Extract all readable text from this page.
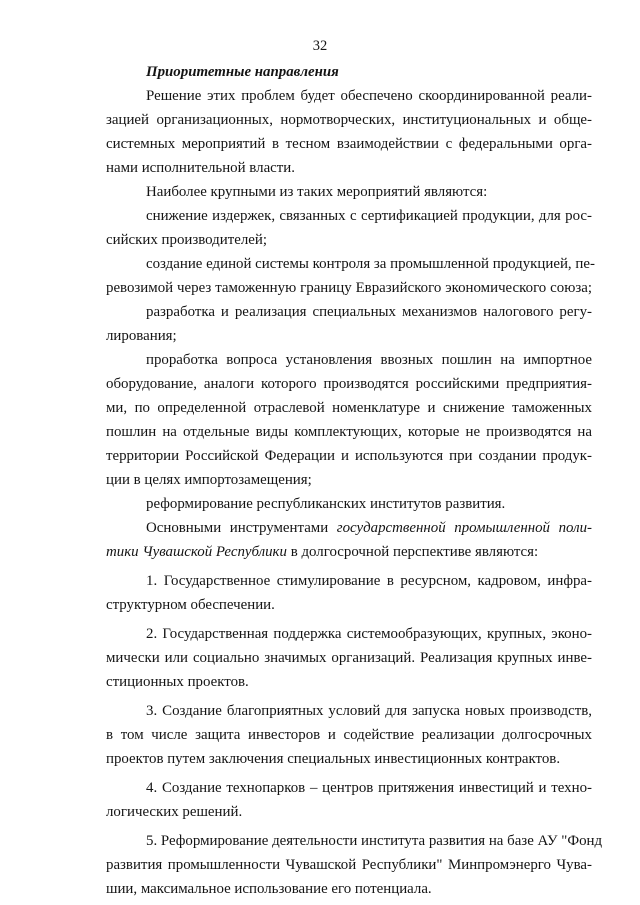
32
Приоритетные направления
Решение этих проблем будет обеспечено скоординированной реали-
зацией организационных, нормотворческих, институциональных и обще-
системных мероприятий в тесном взаимодействии с федеральными орга-
нами исполнительной власти.
Наиболее крупными из таких мероприятий являются:
снижение издержек, связанных с сертификацией продукции, для рос-
сийских производителей;
создание единой системы контроля за промышленной продукцией, пе-
ревозимой через таможенную границу Евразийского экономического союза;
разработка и реализация специальных механизмов налогового регу-
лирования;
проработка вопроса установления ввозных пошлин на импортное
оборудование, аналоги которого производятся российскими предприятия-
ми, по определенной отраслевой номенклатуре и снижение таможенных
пошлин на отдельные виды комплектующих, которые не производятся на
территории Российской Федерации и используются при создании продук-
ции в целях импортозамещения;
реформирование республиканских институтов развития.
Основными инструментами государственной промышленной поли-
тики Чувашской Республики в долгосрочной перспективе являются:
1. Государственное стимулирование в ресурсном, кадровом, инфра-
структурном обеспечении.
2. Государственная поддержка системообразующих, крупных, эконо-
мически или социально значимых организаций. Реализация крупных инве-
стиционных проектов.
3. Создание благоприятных условий для запуска новых производств,
в том числе защита инвесторов и содействие реализации долгосрочных
проектов путем заключения специальных инвестиционных контрактов.
4. Создание технопарков – центров притяжения инвестиций и техно-
логических решений.
5. Реформирование деятельности института развития на базе АУ "Фонд
развития промышленности Чувашской Республики" Минпромэнерго Чува-
шии, максимальное использование его потенциала.
